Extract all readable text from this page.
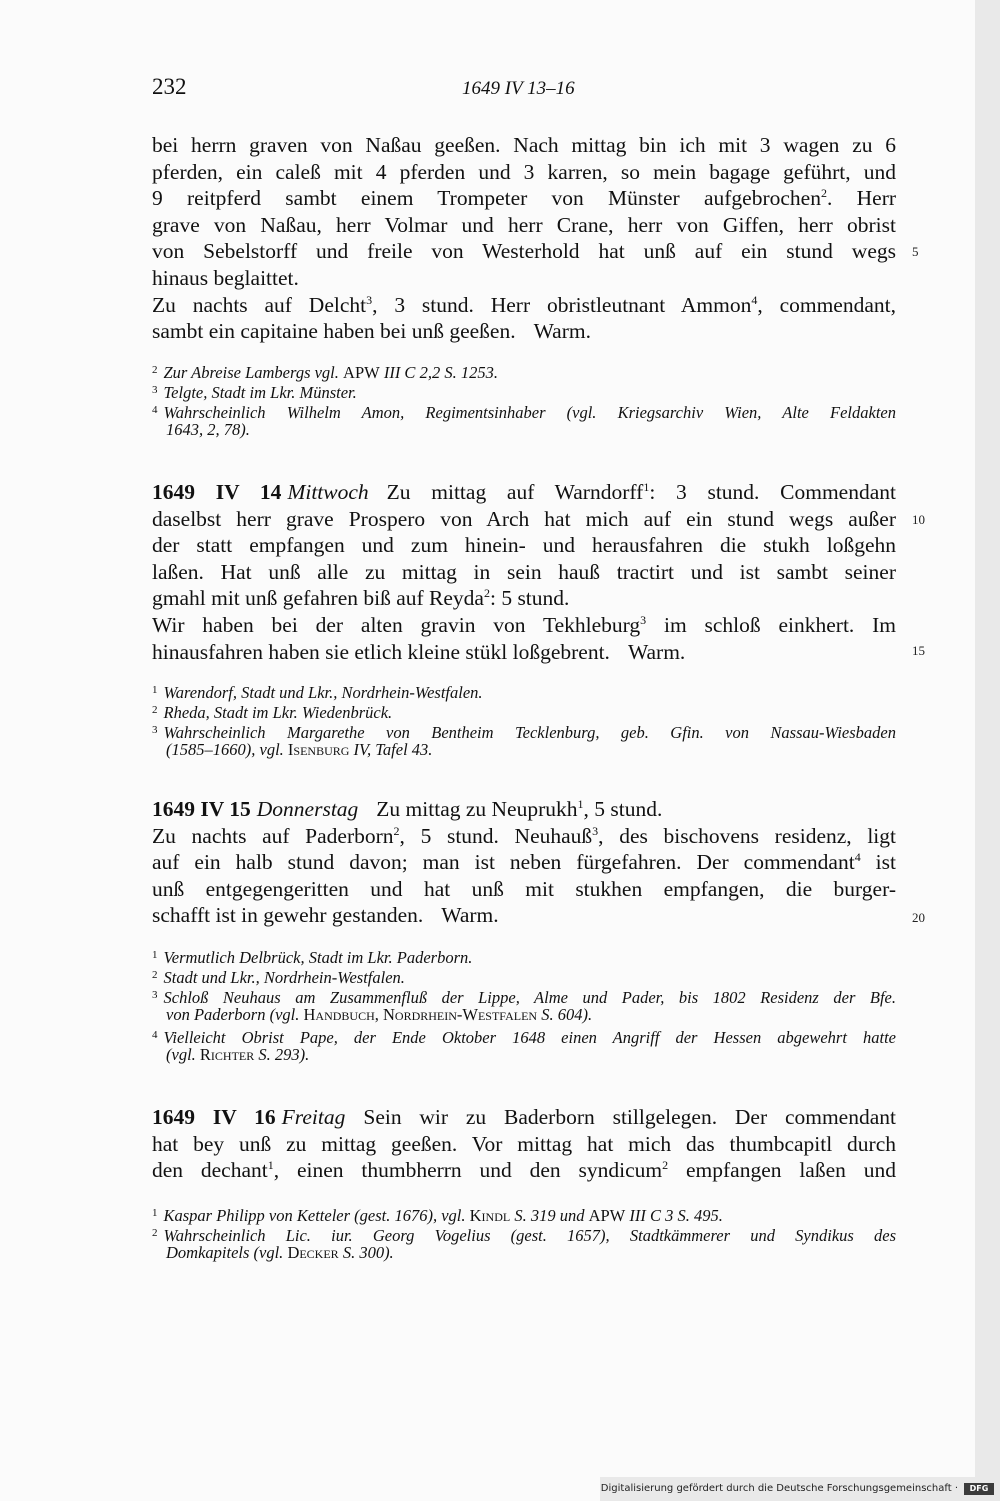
232	1649 IV 13–16
bei herrn graven von Naßau geeßen. Nach mittag bin ich mit 3 wagen zu 6
pferden, ein caleß mit 4 pferden und 3 karren, so mein bagage geführt, und
9 reitpferd sambt einem Trompeter von Münster aufgebrochen$^2$. Herr
grave von Naßau, herr Volmar und herr Crane, herr von Giffen, herr obrist
von Sebelstorff und freile von Westerhold hat unß auf ein stund wegs
hinaus beglaittet.
Zu nachts auf Delcht$^3$, 3 stund. Herr obristleutnant Ammon$^4$, commendant,
sambt ein capitaine haben bei unß geeßen. Warm.
$^2$ Zur Abreise Lambergs vgl. APW III C 2,2 S. 1253.
$^3$ Telgte, Stadt im Lkr. Münster.
$^4$ Wahrscheinlich Wilhelm Amon, Regimentsinhaber (vgl. Kriegsarchiv Wien, Alte Feldakten
1643, 2, 78).
1649 IV 14 Mittwoch Zu mittag auf Warndorff$^1$: 3 stund. Commendant
daselbst herr grave Prospero von Arch hat mich auf ein stund wegs außer
der statt empfangen und zum hinein- und herausfahren die stukh loßgehn
laßen. Hat unß alle zu mittag in sein hauß tractirt und ist sambt seiner
gmahl mit unß gefahren biß auf Reyda$^2$: 5 stund.
Wir haben bei der alten gravin von Tekhleburg$^3$ im schloß einkhert. Im
hinausfahren haben sie etlich kleine stükl loßgebrent. Warm.
$^1$ Warendorf, Stadt und Lkr., Nordrhein-Westfalen.
$^2$ Rheda, Stadt im Lkr. Wiedenbrück.
$^3$ Wahrscheinlich Margarethe von Bentheim Tecklenburg, geb. Gfin. von Nassau-Wiesbaden
(1585–1660), vgl. Isenburg IV, Tafel 43.
1649 IV 15 Donnerstag Zu mittag zu Neuprukh$^1$, 5 stund.
Zu nachts auf Paderborn$^2$, 5 stund. Neuhauß$^3$, des bischovens residenz, ligt
auf ein halb stund davon; man ist neben fürgefahren. Der commendant$^4$ ist
unß entgegengeritten und hat unß mit stukhen empfangen, die burger-
schafft ist in gewehr gestanden. Warm.
$^1$ Vermutlich Delbrück, Stadt im Lkr. Paderborn.
$^2$ Stadt und Lkr., Nordrhein-Westfalen.
$^3$ Schloß Neuhaus am Zusammenfluß der Lippe, Alme und Pader, bis 1802 Residenz der Bfe.
von Paderborn (vgl. Handbuch, Nordrhein-Westfalen S. 604).
$^4$ Vielleicht Obrist Pape, der Ende Oktober 1648 einen Angriff der Hessen abgewehrt hatte
(vgl. Richter S. 293).
1649 IV 16 Freitag Sein wir zu Baderborn stillgelegen. Der commendant
hat bey unß zu mittag geeßen. Vor mittag hat mich das thumbcapitl durch
den dechant$^1$, einen thumbherrn und den syndicum$^2$ empfangen laßen und
$^1$ Kaspar Philipp von Ketteler (gest. 1676), vgl. Kindl S. 319 und APW III C 3 S. 495.
$^2$ Wahrscheinlich Lic. iur. Georg Vogelius (gest. 1657), Stadtkämmerer und Syndikus des
Domkapitels (vgl. Decker S. 300).
5
10
15
20
Digitalisierung gefördert durch die Deutsche Forschungsgemeinschaft ·	DFG
